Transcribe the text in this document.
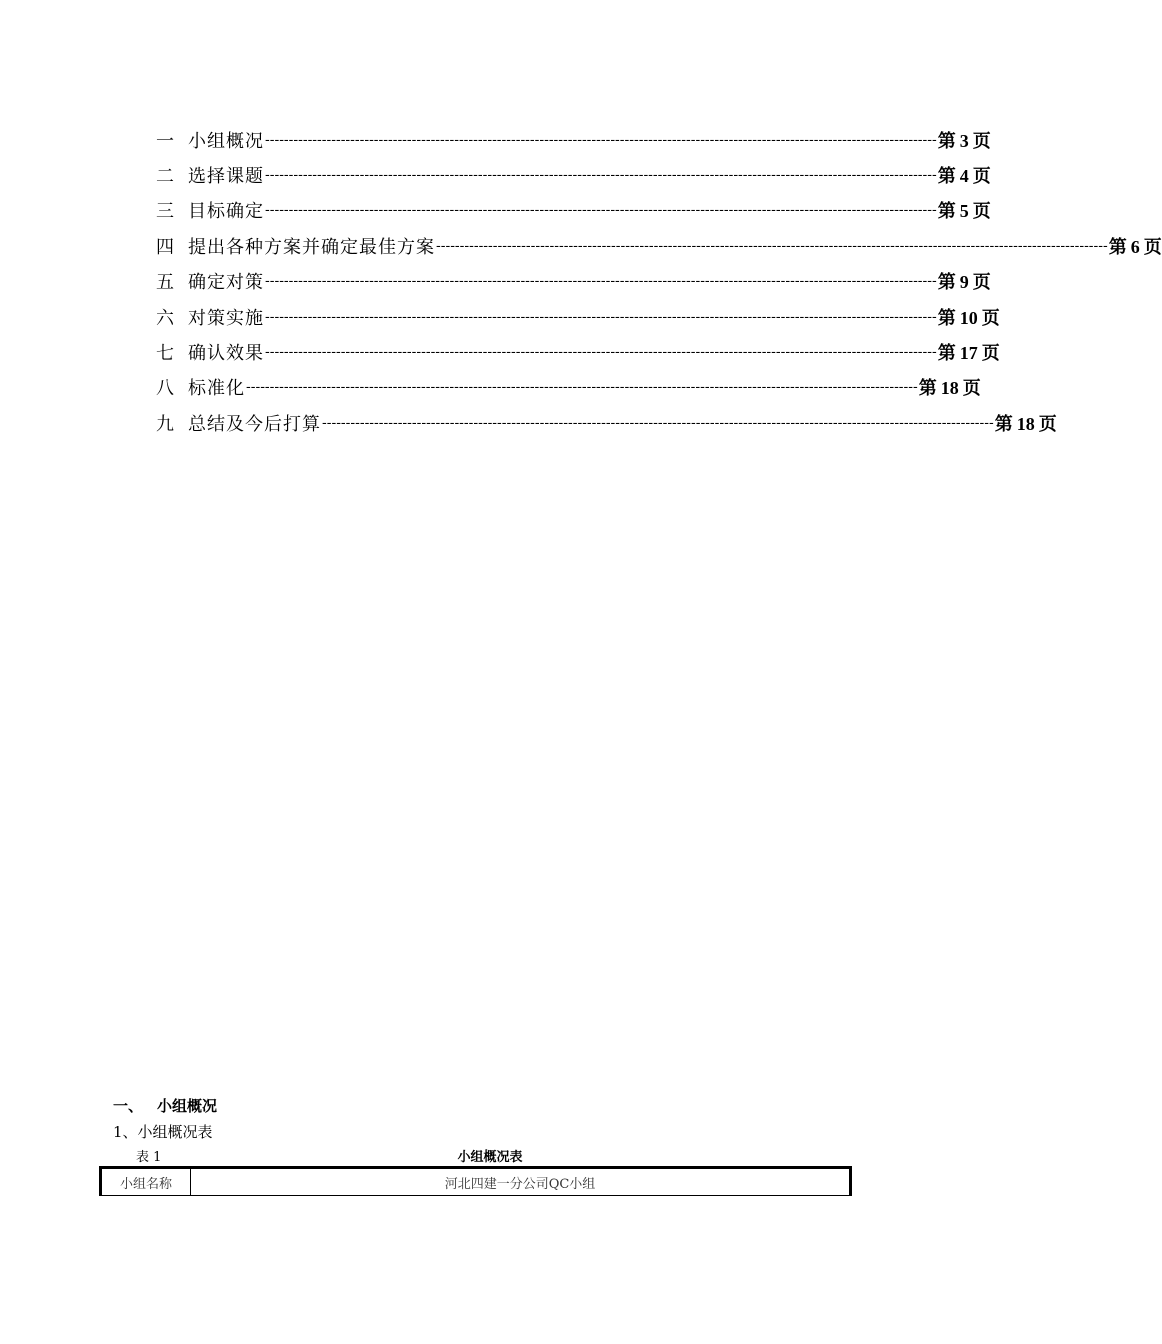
一 小组概况 ---------------------------------------------------------------------------------------------------------------------------------------------- 第 3 页
二 选择课题 ---------------------------------------------------------------------------------------------------------------------------------------------- 第 4 页
三 目标确定 ---------------------------------------------------------------------------------------------------------------------------------------------- 第 5 页
四 提出各种方案并确定最佳方案 ---------------------------------------------------------------------------------------------------------------------------------------------- 第 6 页
五 确定对策 ---------------------------------------------------------------------------------------------------------------------------------------------- 第 9 页
六 对策实施 ---------------------------------------------------------------------------------------------------------------------------------------------- 第 10 页
七 确认效果 ---------------------------------------------------------------------------------------------------------------------------------------------- 第 17 页
八 标准化 ---------------------------------------------------------------------------------------------------------------------------------------------- 第 18 页
九 总结及今后打算 ---------------------------------------------------------------------------------------------------------------------------------------------- 第 18 页
一、 小组概况
1、小组概况表
表 1	小组概况表
小组名称	河北四建一分公司QC小组
